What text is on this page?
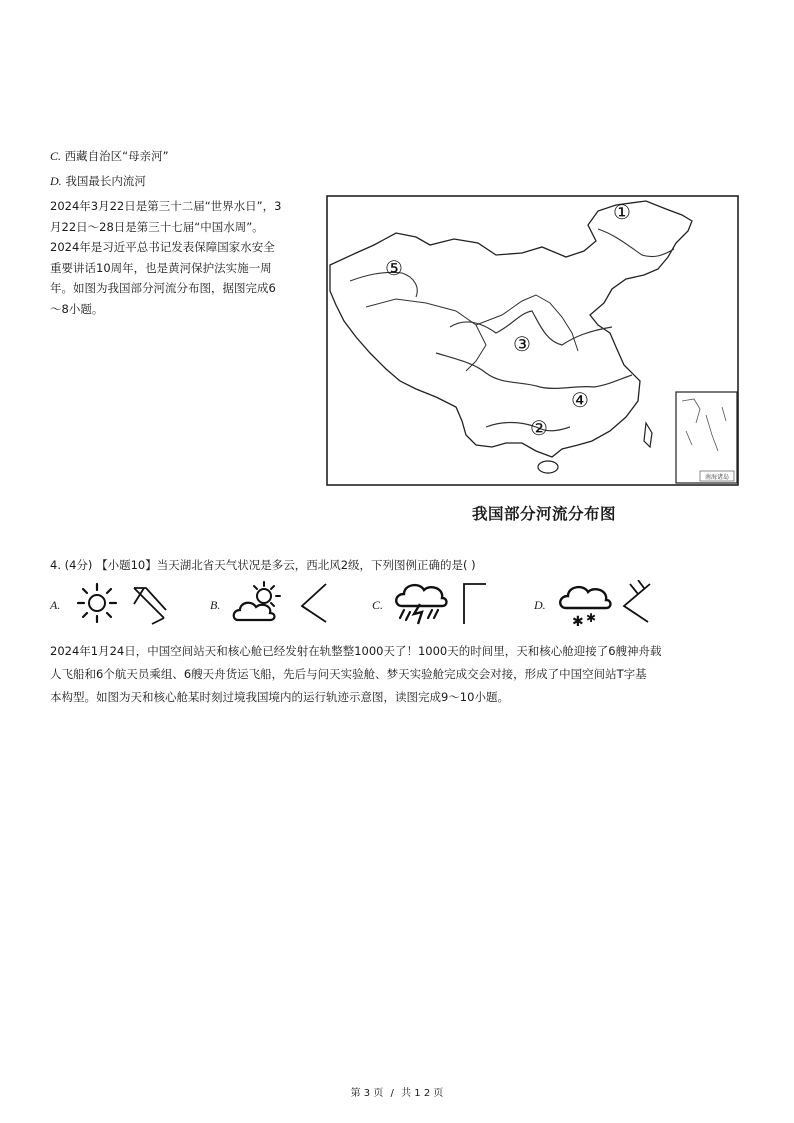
C. 西藏自治区“母亲河”
D. 我国最长内流河
2024年3月22日是第三十二届“世界水日”，3
月22日～28日是第三十七届“中国水周”。
2024年是习近平总书记发表保障国家水安全
重要讲话10周年，也是黄河保护法实施一周
年。如图为我国部分河流分布图，据图完成6
～8小题。
①
②
③
④
⑤
南海诸岛
我国部分河流分布图
4. (4分) 【小题10】当天湖北省天气状况是多云，西北风2级，下列图例正确的是( )
A.	B.	C.	D.
✱ ✱
2024年1月24日，中国空间站天和核心舱已经发射在轨整整1000天了！1000天的时间里，天和核心舱迎接了6艘神舟载
人飞船和6个航天员乘组、6艘天舟货运飞船，先后与问天实验舱、梦天实验舱完成交会对接，形成了中国空间站T字基
本构型。如图为天和核心舱某时刻过境我国境内的运行轨迹示意图，读图完成9～10小题。
第 3 页 / 共 1 2 页
